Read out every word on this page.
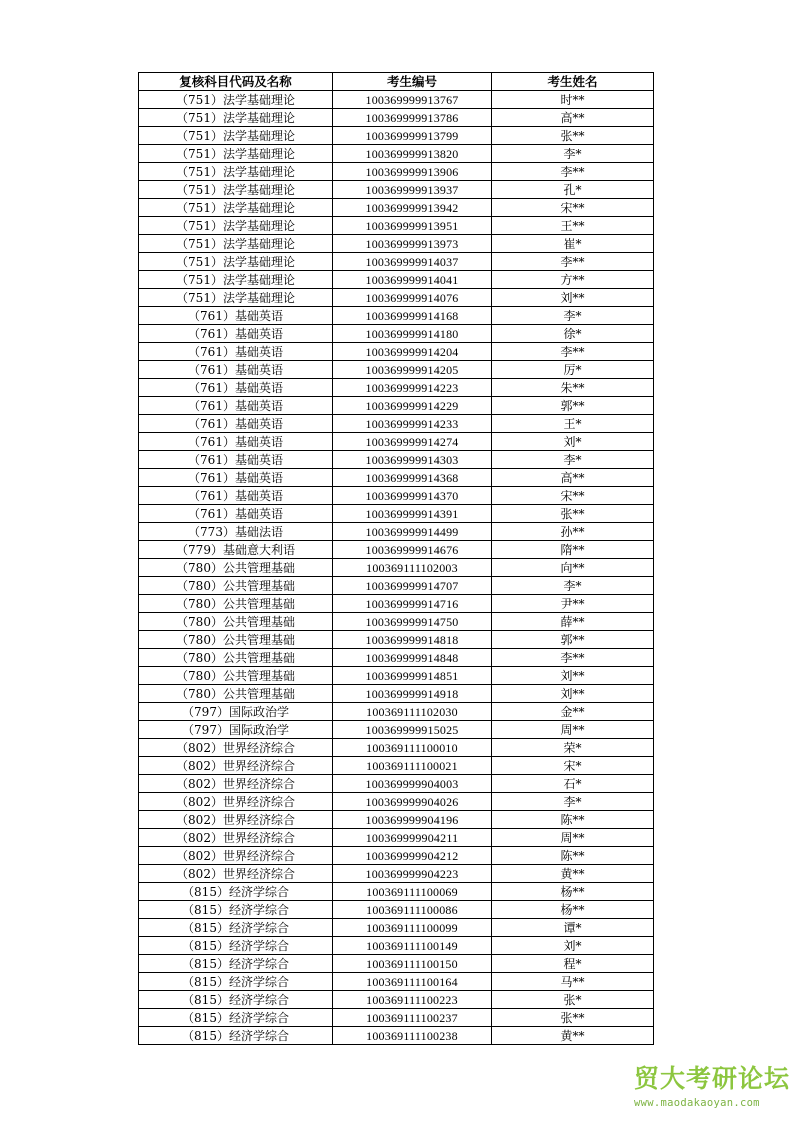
复核科目代码及名称	考生编号	考生姓名
（751）法学基础理论	100369999913767	时**
（751）法学基础理论	100369999913786	高**
（751）法学基础理论	100369999913799	张**
（751）法学基础理论	100369999913820	李*
（751）法学基础理论	100369999913906	李**
（751）法学基础理论	100369999913937	孔*
（751）法学基础理论	100369999913942	宋**
（751）法学基础理论	100369999913951	王**
（751）法学基础理论	100369999913973	崔*
（751）法学基础理论	100369999914037	李**
（751）法学基础理论	100369999914041	方**
（751）法学基础理论	100369999914076	刘**
（761）基础英语	100369999914168	李*
（761）基础英语	100369999914180	徐*
（761）基础英语	100369999914204	李**
（761）基础英语	100369999914205	厉*
（761）基础英语	100369999914223	朱**
（761）基础英语	100369999914229	郭**
（761）基础英语	100369999914233	王*
（761）基础英语	100369999914274	刘*
（761）基础英语	100369999914303	李*
（761）基础英语	100369999914368	高**
（761）基础英语	100369999914370	宋**
（761）基础英语	100369999914391	张**
（773）基础法语	100369999914499	孙**
（779）基础意大利语	100369999914676	隋**
（780）公共管理基础	100369111102003	向**
（780）公共管理基础	100369999914707	李*
（780）公共管理基础	100369999914716	尹**
（780）公共管理基础	100369999914750	薛**
（780）公共管理基础	100369999914818	郭**
（780）公共管理基础	100369999914848	李**
（780）公共管理基础	100369999914851	刘**
（780）公共管理基础	100369999914918	刘**
（797）国际政治学	100369111102030	金**
（797）国际政治学	100369999915025	周**
（802）世界经济综合	100369111100010	荣*
（802）世界经济综合	100369111100021	宋*
（802）世界经济综合	100369999904003	石*
（802）世界经济综合	100369999904026	李*
（802）世界经济综合	100369999904196	陈**
（802）世界经济综合	100369999904211	周**
（802）世界经济综合	100369999904212	陈**
（802）世界经济综合	100369999904223	黄**
（815）经济学综合	100369111100069	杨**
（815）经济学综合	100369111100086	杨**
（815）经济学综合	100369111100099	谭*
（815）经济学综合	100369111100149	刘*
（815）经济学综合	100369111100150	程*
（815）经济学综合	100369111100164	马**
（815）经济学综合	100369111100223	张*
（815）经济学综合	100369111100237	张**
（815）经济学综合	100369111100238	黄**
贸大考研论坛
www.maodakaoyan.com
